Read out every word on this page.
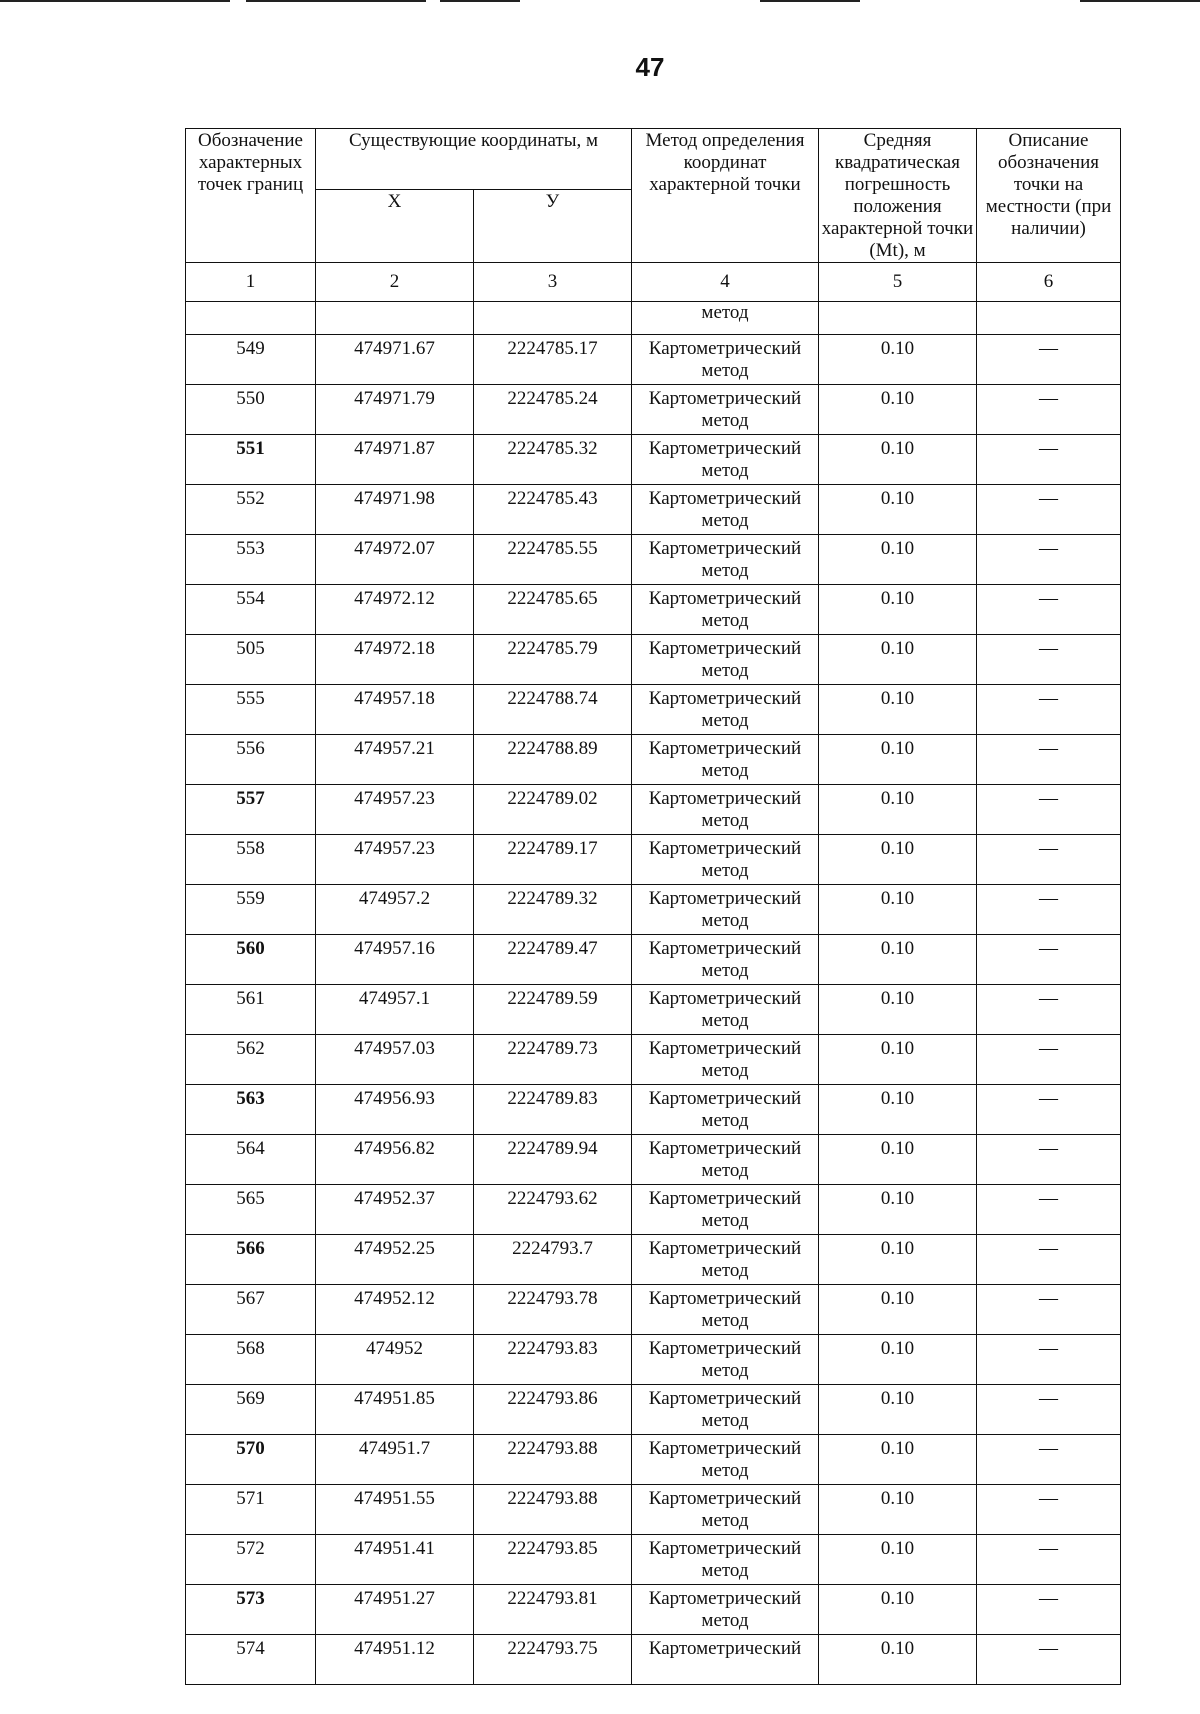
47
Обозначение характерных точек границ	Существующие координаты, м		Метод определения координат характерной точки	Средняя квадратическая погрешность положения характерной точки (Mt), м	Описание обозначения точки на местности (при наличии)
	Х	У			
1	2	3	4	5	6
			метод		
549	474971.67	2224785.17	Картометрический
метод	0.10	—
550	474971.79	2224785.24	Картометрический
метод	0.10	—
551	474971.87	2224785.32	Картометрический
метод	0.10	—
552	474971.98	2224785.43	Картометрический
метод	0.10	—
553	474972.07	2224785.55	Картометрический
метод	0.10	—
554	474972.12	2224785.65	Картометрический
метод	0.10	—
505	474972.18	2224785.79	Картометрический
метод	0.10	—
555	474957.18	2224788.74	Картометрический
метод	0.10	—
556	474957.21	2224788.89	Картометрический
метод	0.10	—
557	474957.23	2224789.02	Картометрический
метод	0.10	—
558	474957.23	2224789.17	Картометрический
метод	0.10	—
559	474957.2	2224789.32	Картометрический
метод	0.10	—
560	474957.16	2224789.47	Картометрический
метод	0.10	—
561	474957.1	2224789.59	Картометрический
метод	0.10	—
562	474957.03	2224789.73	Картометрический
метод	0.10	—
563	474956.93	2224789.83	Картометрический
метод	0.10	—
564	474956.82	2224789.94	Картометрический
метод	0.10	—
565	474952.37	2224793.62	Картометрический
метод	0.10	—
566	474952.25	2224793.7	Картометрический
метод	0.10	—
567	474952.12	2224793.78	Картометрический
метод	0.10	—
568	474952	2224793.83	Картометрический
метод	0.10	—
569	474951.85	2224793.86	Картометрический
метод	0.10	—
570	474951.7	2224793.88	Картометрический
метод	0.10	—
571	474951.55	2224793.88	Картометрический
метод	0.10	—
572	474951.41	2224793.85	Картометрический
метод	0.10	—
573	474951.27	2224793.81	Картометрический
метод	0.10	—
574	474951.12	2224793.75	Картометрический	0.10	—
